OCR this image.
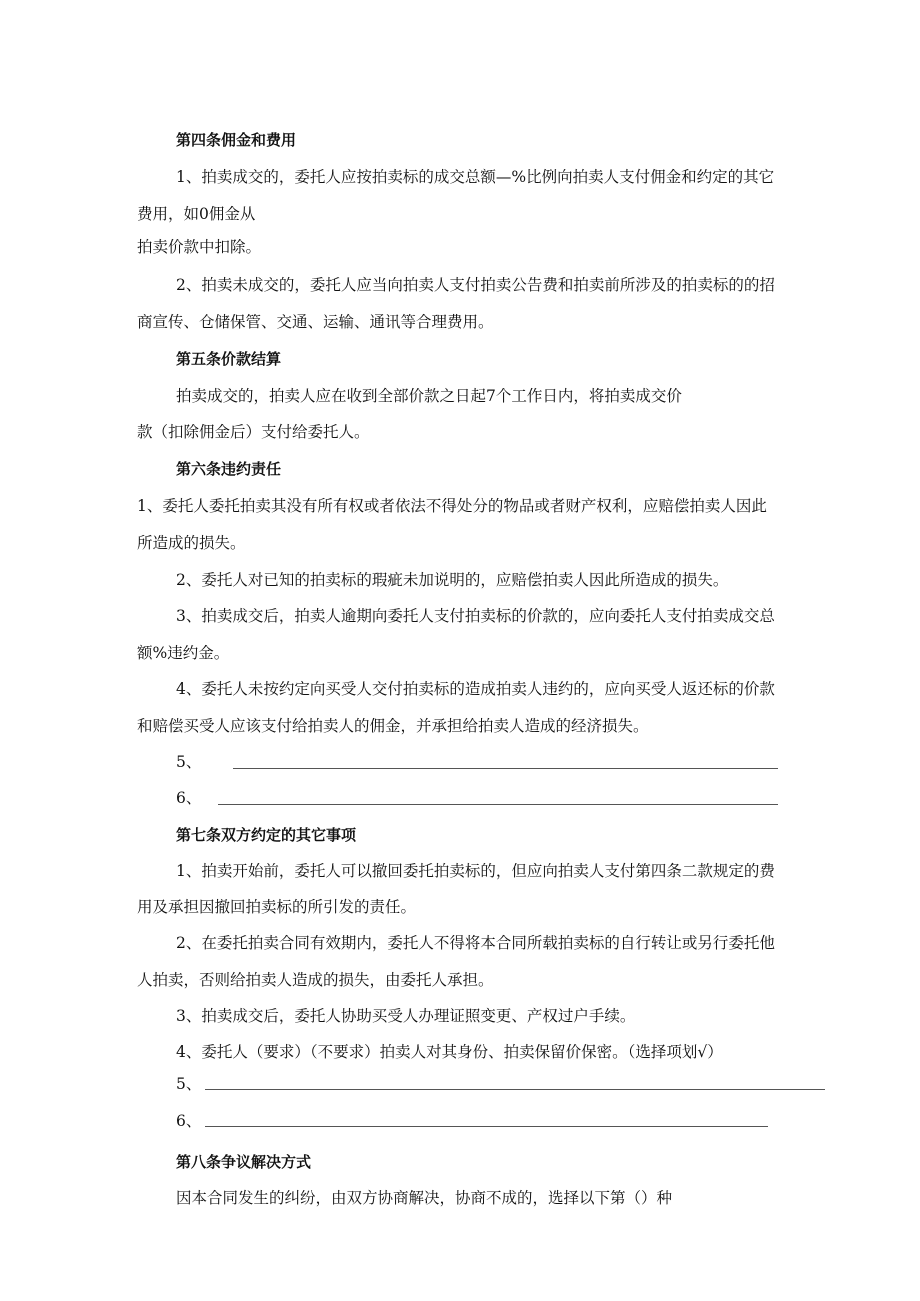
第四条佣金和费用

1、拍卖成交的，委托人应按拍卖标的成交总额—%比例向拍卖人支付佣金和约定的其它

费用，如0佣金从

拍卖价款中扣除。

2、拍卖未成交的，委托人应当向拍卖人支付拍卖公告费和拍卖前所涉及的拍卖标的的招

商宣传、仓储保管、交通、运输、通讯等合理费用。

第五条价款结算

拍卖成交的，拍卖人应在收到全部价款之日起7个工作日内，将拍卖成交价

款（扣除佣金后）支付给委托人。

第六条违约责任

1、委托人委托拍卖其没有所有权或者依法不得处分的物品或者财产权利，应赔偿拍卖人因此

所造成的损失。

2、委托人对已知的拍卖标的瑕疵未加说明的，应赔偿拍卖人因此所造成的损失。

3、拍卖成交后，拍卖人逾期向委托人支付拍卖标的价款的，应向委托人支付拍卖成交总

额%违约金。

4、委托人未按约定向买受人交付拍卖标的造成拍卖人违约的，应向买受人返还标的价款

和赔偿买受人应该支付给拍卖人的佣金，并承担给拍卖人造成的经济损失。

5、

6、

第七条双方约定的其它事项

1、拍卖开始前，委托人可以撤回委托拍卖标的，但应向拍卖人支付第四条二款规定的费

用及承担因撤回拍卖标的所引发的责任。

2、在委托拍卖合同有效期内，委托人不得将本合同所载拍卖标的自行转让或另行委托他

人拍卖，否则给拍卖人造成的损失，由委托人承担。

3、拍卖成交后，委托人协助买受人办理证照变更、产权过户手续。

4、委托人（要求）（不要求）拍卖人对其身份、拍卖保留价保密。（选择项划√）

5、

6、

第八条争议解决方式

因本合同发生的纠纷，由双方协商解决，协商不成的，选择以下第（）种
